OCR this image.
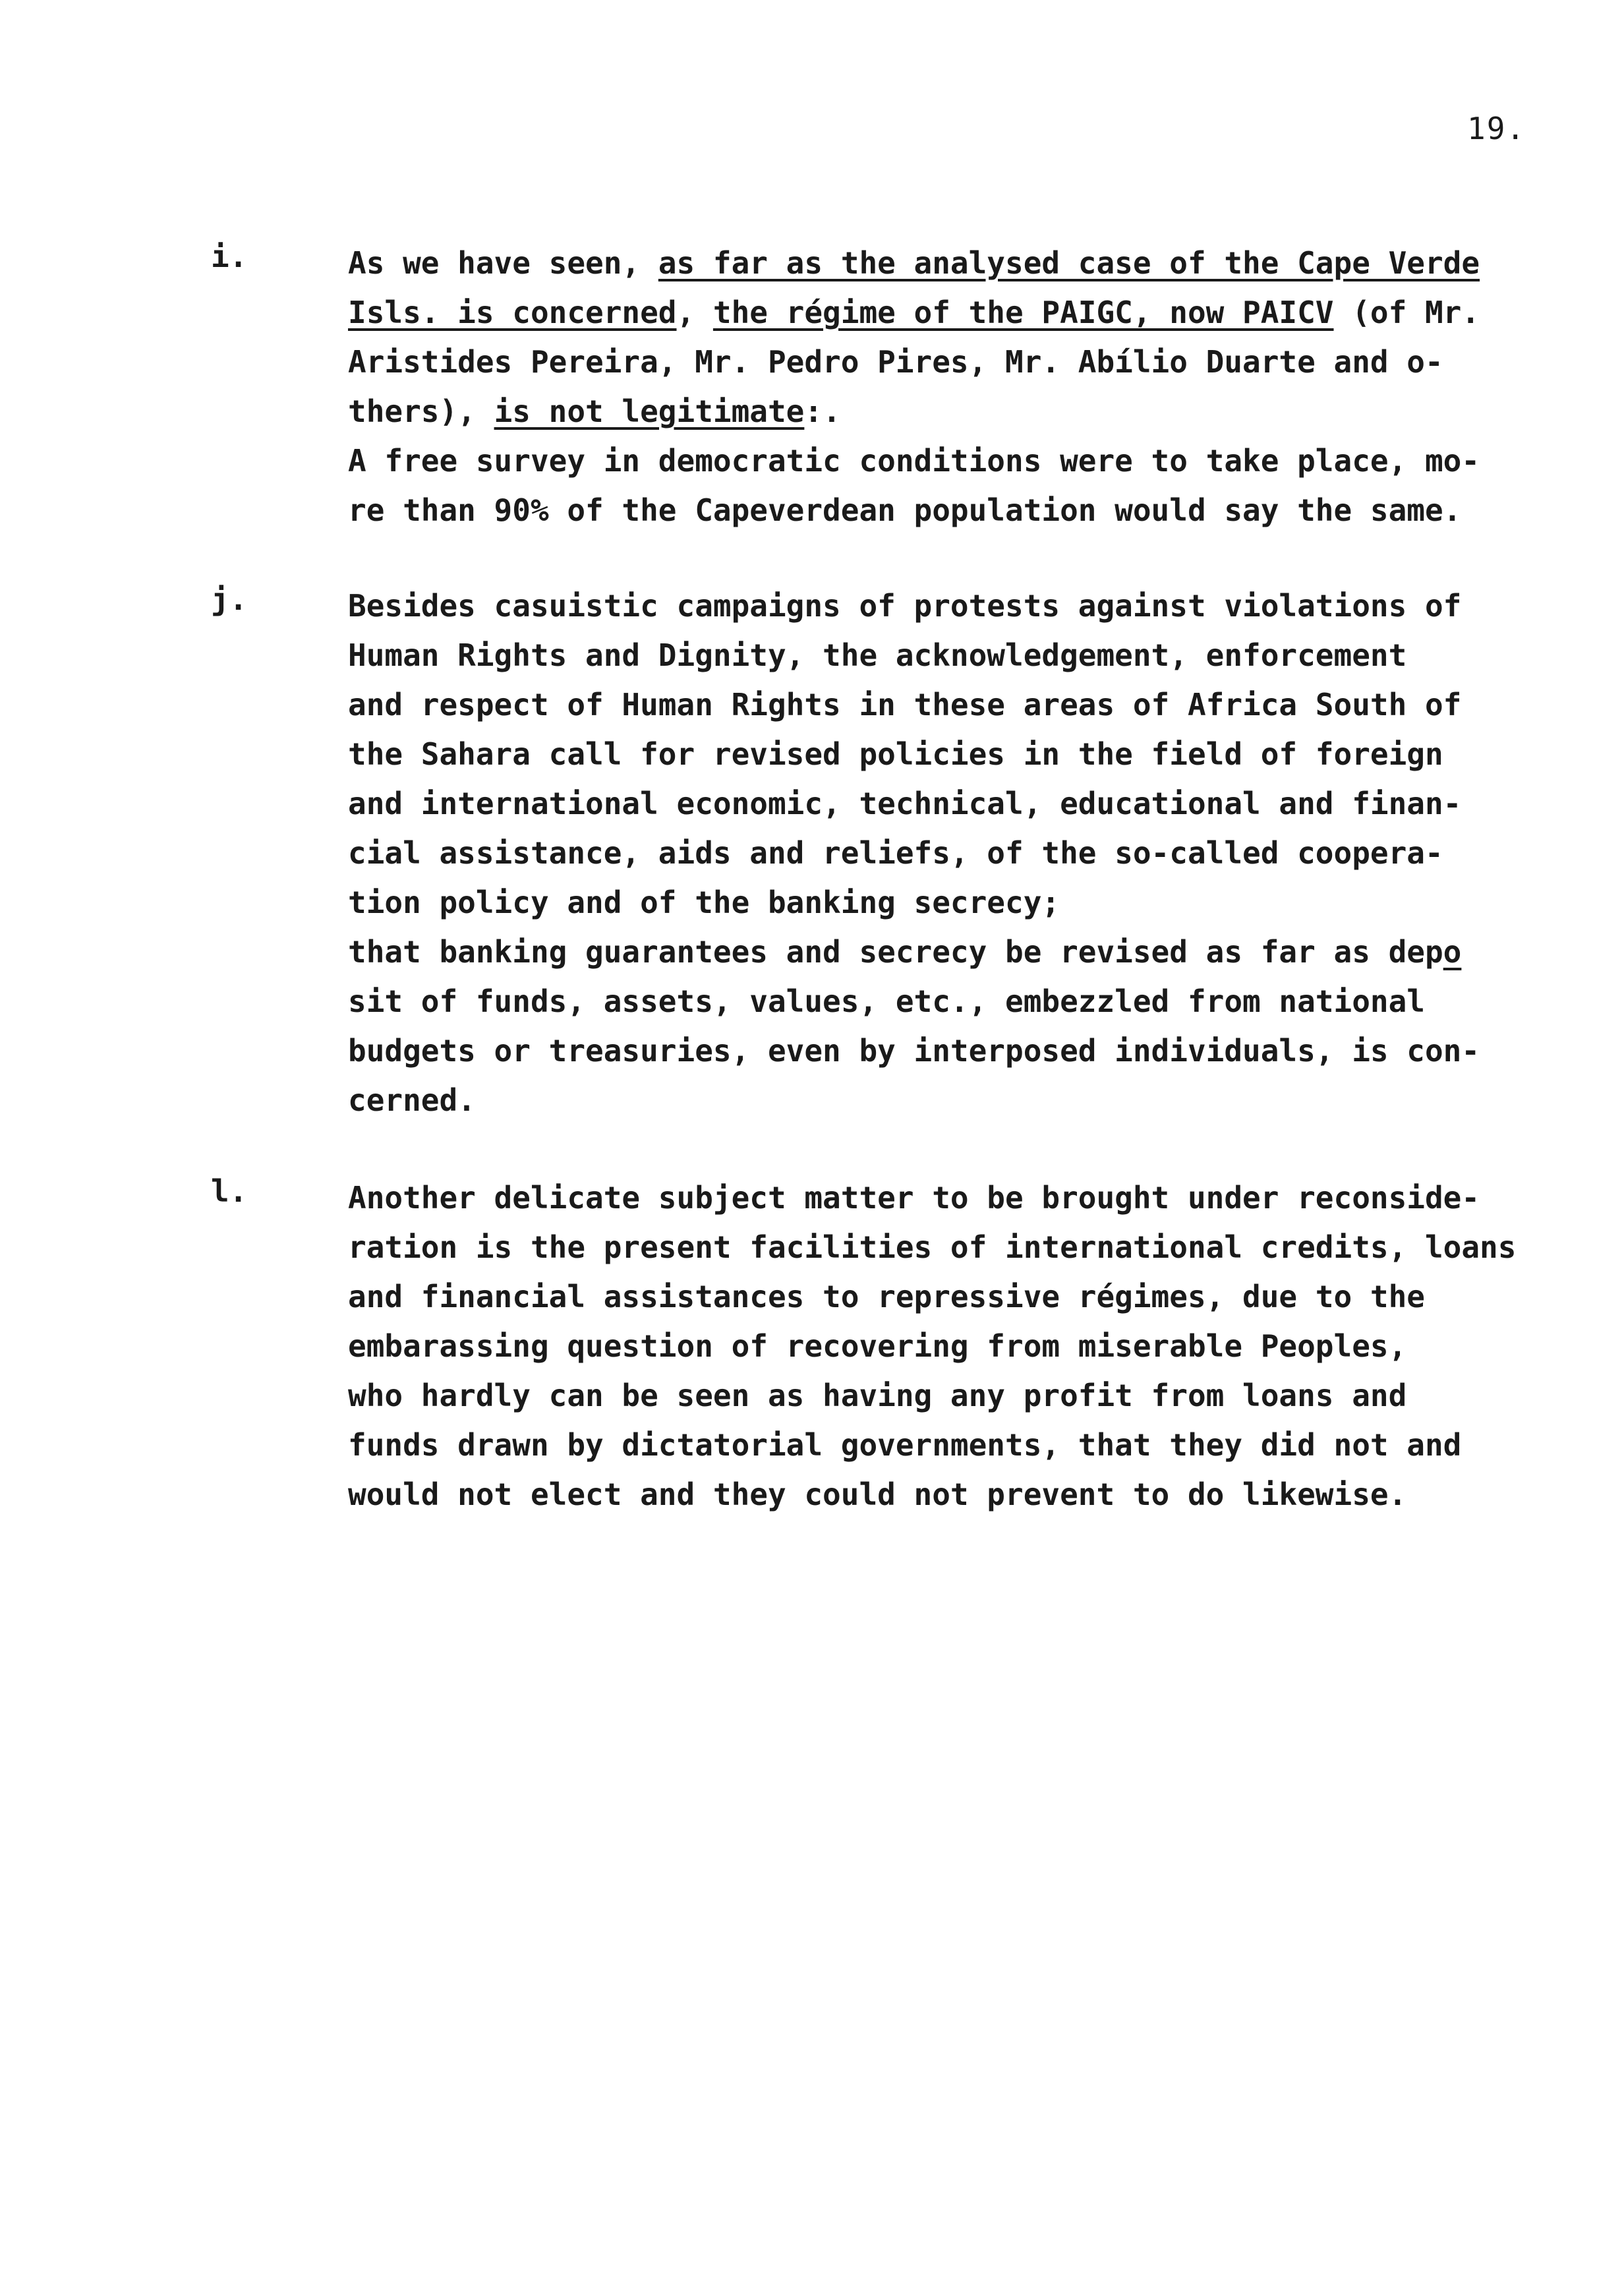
19.
i.	As we have seen, as far as the analysed case of the Cape Verde
Isls. is concerned, the régime of the PAIGC, now PAICV (of Mr.
Aristides Pereira, Mr. Pedro Pires, Mr. Abílio Duarte and o-
thers), is not legitimate:.
A free survey in democratic conditions were to take place, mo-
re than 90% of the Capeverdean population would say the same.
j.	Besides casuistic campaigns of protests against violations of
Human Rights and Dignity, the acknowledgement, enforcement
and respect of Human Rights in these areas of Africa South of
the Sahara call for revised policies in the field of foreign
and international economic, technical, educational and finan-
cial assistance, aids and reliefs, of the so-called coopera-
tion policy and of the banking secrecy;
that banking guarantees and secrecy be revised as far as depo
sit of funds, assets, values, etc., embezzled from national
budgets or treasuries, even by interposed individuals, is con-
cerned.
l.	Another delicate subject matter to be brought under reconside-
ration is the present facilities of international credits, loans
and financial assistances to repressive régimes, due to the
embarassing question of recovering from miserable Peoples,
who hardly can be seen as having any profit from loans and
funds drawn by dictatorial governments, that they did not and
would not elect and they could not prevent to do likewise.
